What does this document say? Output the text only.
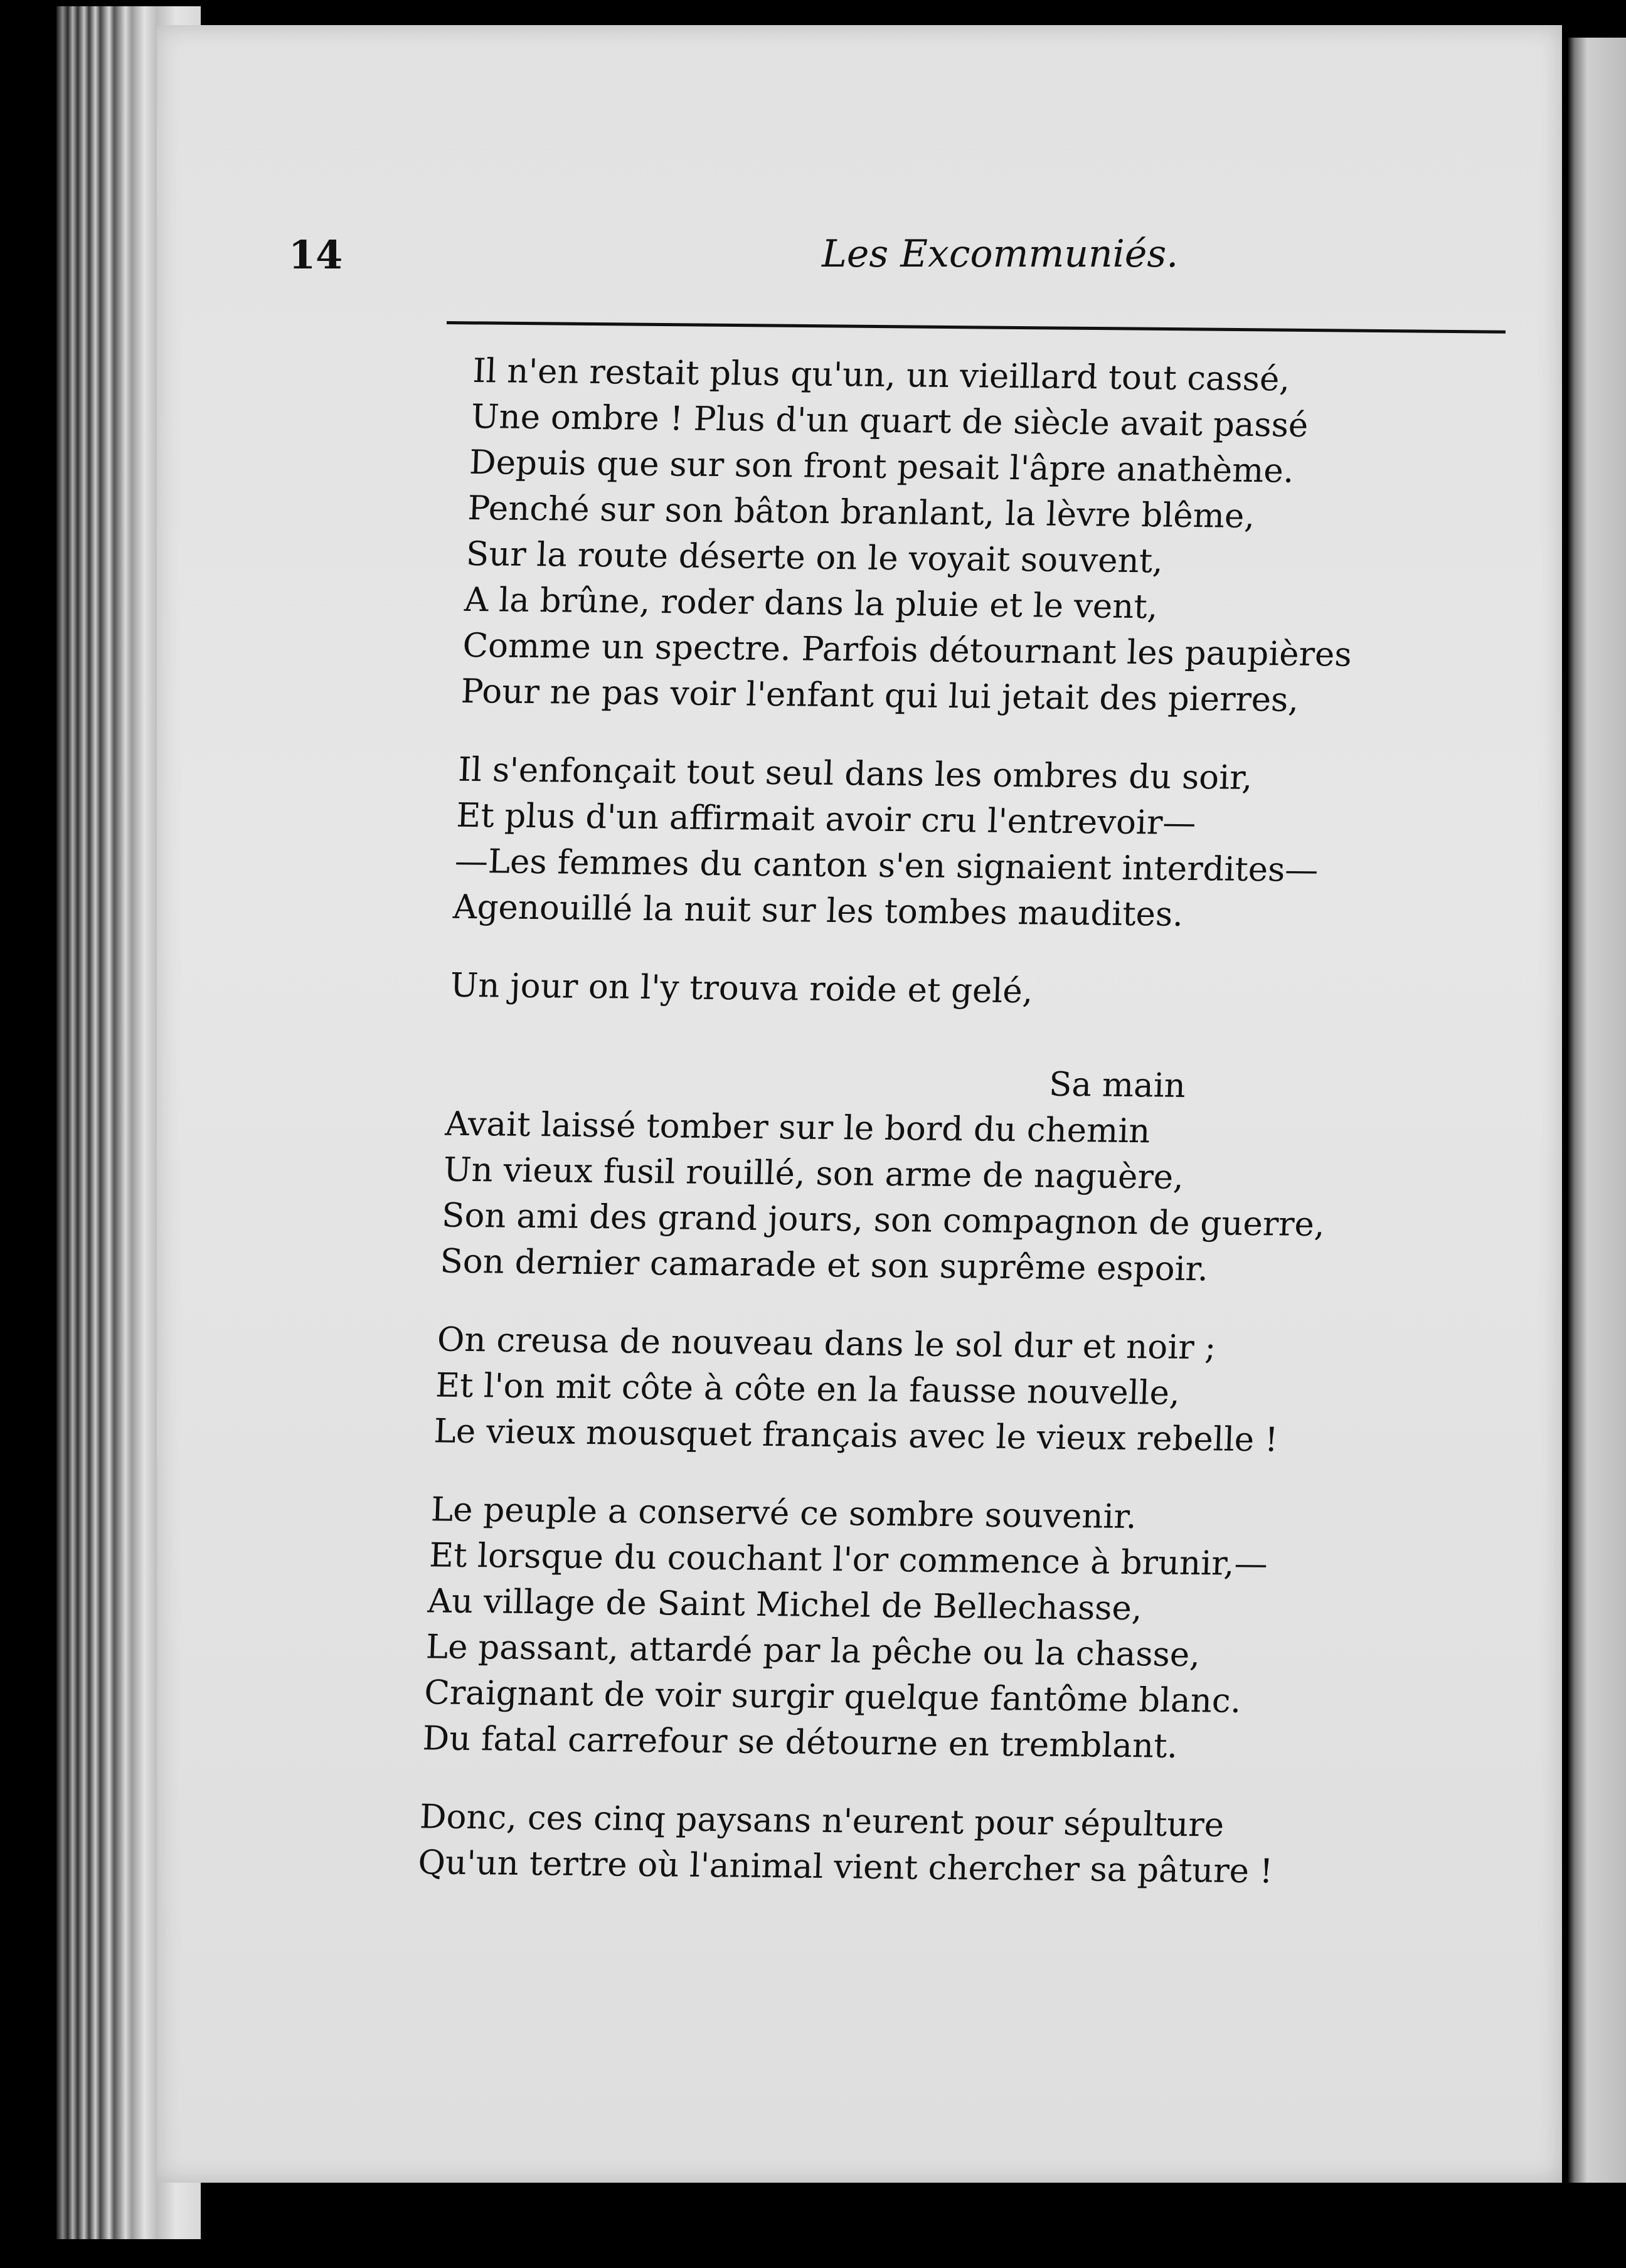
14	Les Excommuniés.
Il n'en restait plus qu'un, un vieillard tout cassé,
Une ombre ! Plus d'un quart de siècle avait passé
Depuis que sur son front pesait l'âpre anathème.
Penché sur son bâton branlant, la lèvre blême,
Sur la route déserte on le voyait souvent,
A la brûne, roder dans la pluie et le vent,
Comme un spectre. Parfois détournant les paupières
Pour ne pas voir l'enfant qui lui jetait des pierres,
Il s'enfonçait tout seul dans les ombres du soir,
Et plus d'un affirmait avoir cru l'entrevoir—
—Les femmes du canton s'en signaient interdites—
Agenouillé la nuit sur les tombes maudites.
Un jour on l'y trouva roide et gelé,
Sa main
Avait laissé tomber sur le bord du chemin
Un vieux fusil rouillé, son arme de naguère,
Son ami des grand jours, son compagnon de guerre,
Son dernier camarade et son suprême espoir.
On creusa de nouveau dans le sol dur et noir ;
Et l'on mit côte à côte en la fausse nouvelle,
Le vieux mousquet français avec le vieux rebelle !
Le peuple a conservé ce sombre souvenir.
Et lorsque du couchant l'or commence à brunir,—
Au village de Saint Michel de Bellechasse,
Le passant, attardé par la pêche ou la chasse,
Craignant de voir surgir quelque fantôme blanc.
Du fatal carrefour se détourne en tremblant.
Donc, ces cinq paysans n'eurent pour sépulture
Qu'un tertre où l'animal vient chercher sa pâture !
